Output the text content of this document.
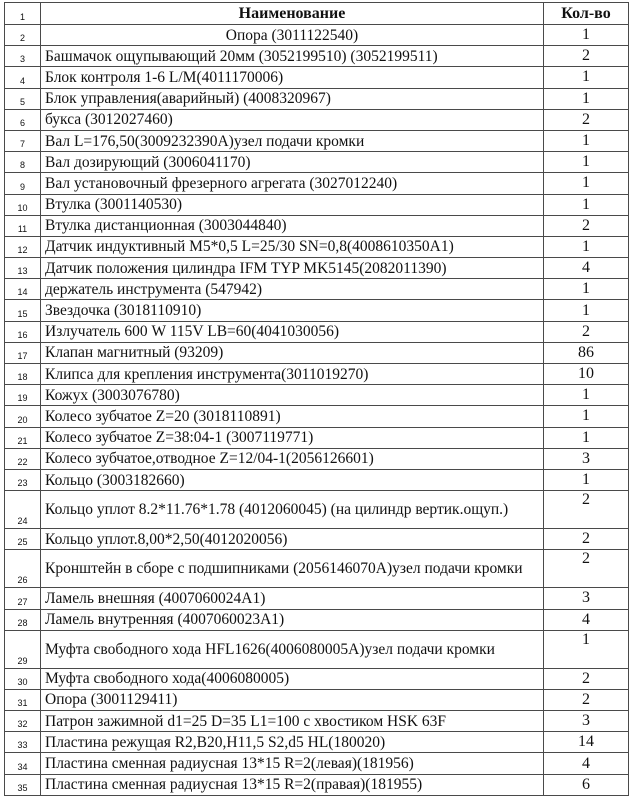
1	Наименование	Кол-во
2	Опора (3011122540)	1
3	Башмачок ощупывающий 20мм (3052199510) (3052199511)	2
4	Блок контроля 1-6 L/M(4011170006)	1
5	Блок управления(аварийный) (4008320967)	1
6	букса (3012027460)	2
7	Вал L=176,50(3009232390A)узел подачи кромки	1
8	Вал дозирующий (3006041170)	1
9	Вал установочный фрезерного агрегата (3027012240)	1
10	Втулка (3001140530)	1
11	Втулка дистанционная (3003044840)	2
12	Датчик индуктивный M5*0,5 L=25/30 SN=0,8(4008610350A1)	1
13	Датчик положения цилиндра IFM TYP MK5145(2082011390)	4
14	держатель инструмента (547942)	1
15	Звездочка (3018110910)	1
16	Излучатель 600 W 115V LB=60(4041030056)	2
17	Клапан магнитный (93209)	86
18	Клипса для крепления инструмента(3011019270)	10
19	Кожух (3003076780)	1
20	Колесо зубчатое Z=20 (3018110891)	1
21	Колесо зубчатое Z=38:04-1 (3007119771)	1
22	Колесо зубчатое,отводное Z=12/04-1(2056126601)	3
23	Кольцо (3003182660)	1
24	Кольцо уплот 8.2*11.76*1.78 (4012060045) (на цилиндр вертик.ощуп.)	2
25	Кольцо уплот.8,00*2,50(4012020056)	2
26	Кронштейн в сборе с подшипниками (2056146070A)узел подачи кромки	2
27	Ламель внешняя (4007060024A1)	3
28	Ламель внутренняя (4007060023A1)	4
29	Муфта свободного хода HFL1626(4006080005A)узел подачи кромки	1
30	Муфта свободного хода(4006080005)	2
31	Опора (3001129411)	2
32	Патрон зажимной d1=25 D=35 L1=100 с хвостиком HSK 63F	3
33	Пластина режущая R2,B20,H11,5 S2,d5 HL(180020)	14
34	Пластина сменная радиусная 13*15 R=2(левая)(181956)	4
35	Пластина сменная радиусная 13*15 R=2(правая)(181955)	6
